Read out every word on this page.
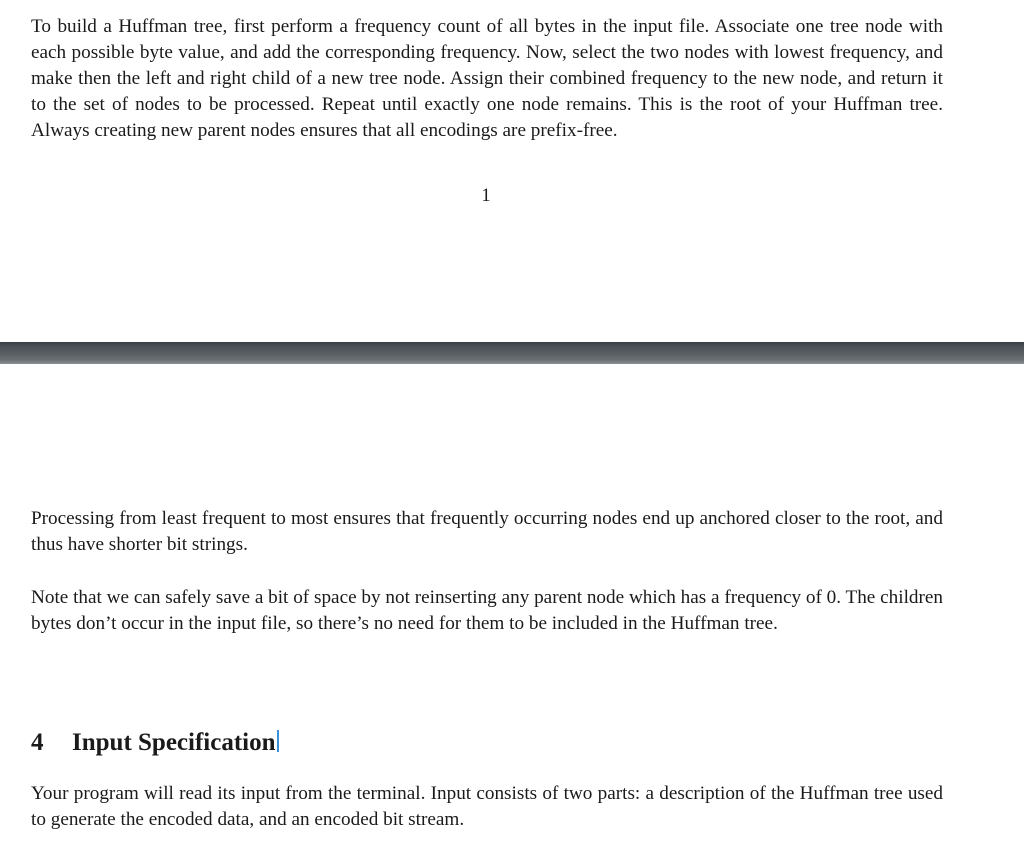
To build a Huffman tree, first perform a frequency count of all bytes in the input file. Associate one tree node with each possible byte value, and add the corresponding frequency. Now, select the two nodes with lowest frequency, and make then the left and right child of a new tree node. Assign their combined frequency to the new node, and return it to the set of nodes to be processed. Repeat until exactly one node remains. This is the root of your Huffman tree. Always creating new parent nodes ensures that all encodings are prefix-free.

1

Processing from least frequent to most ensures that frequently occurring nodes end up anchored closer to the root, and thus have shorter bit strings.

Note that we can safely save a bit of space by not reinserting any parent node which has a frequency of 0. The children bytes don’t occur in the input file, so there’s no need for them to be included in the Huffman tree.

4 Input Specification

Your program will read its input from the terminal. Input consists of two parts: a description of the Huffman tree used to generate the encoded data, and an encoded bit stream.
